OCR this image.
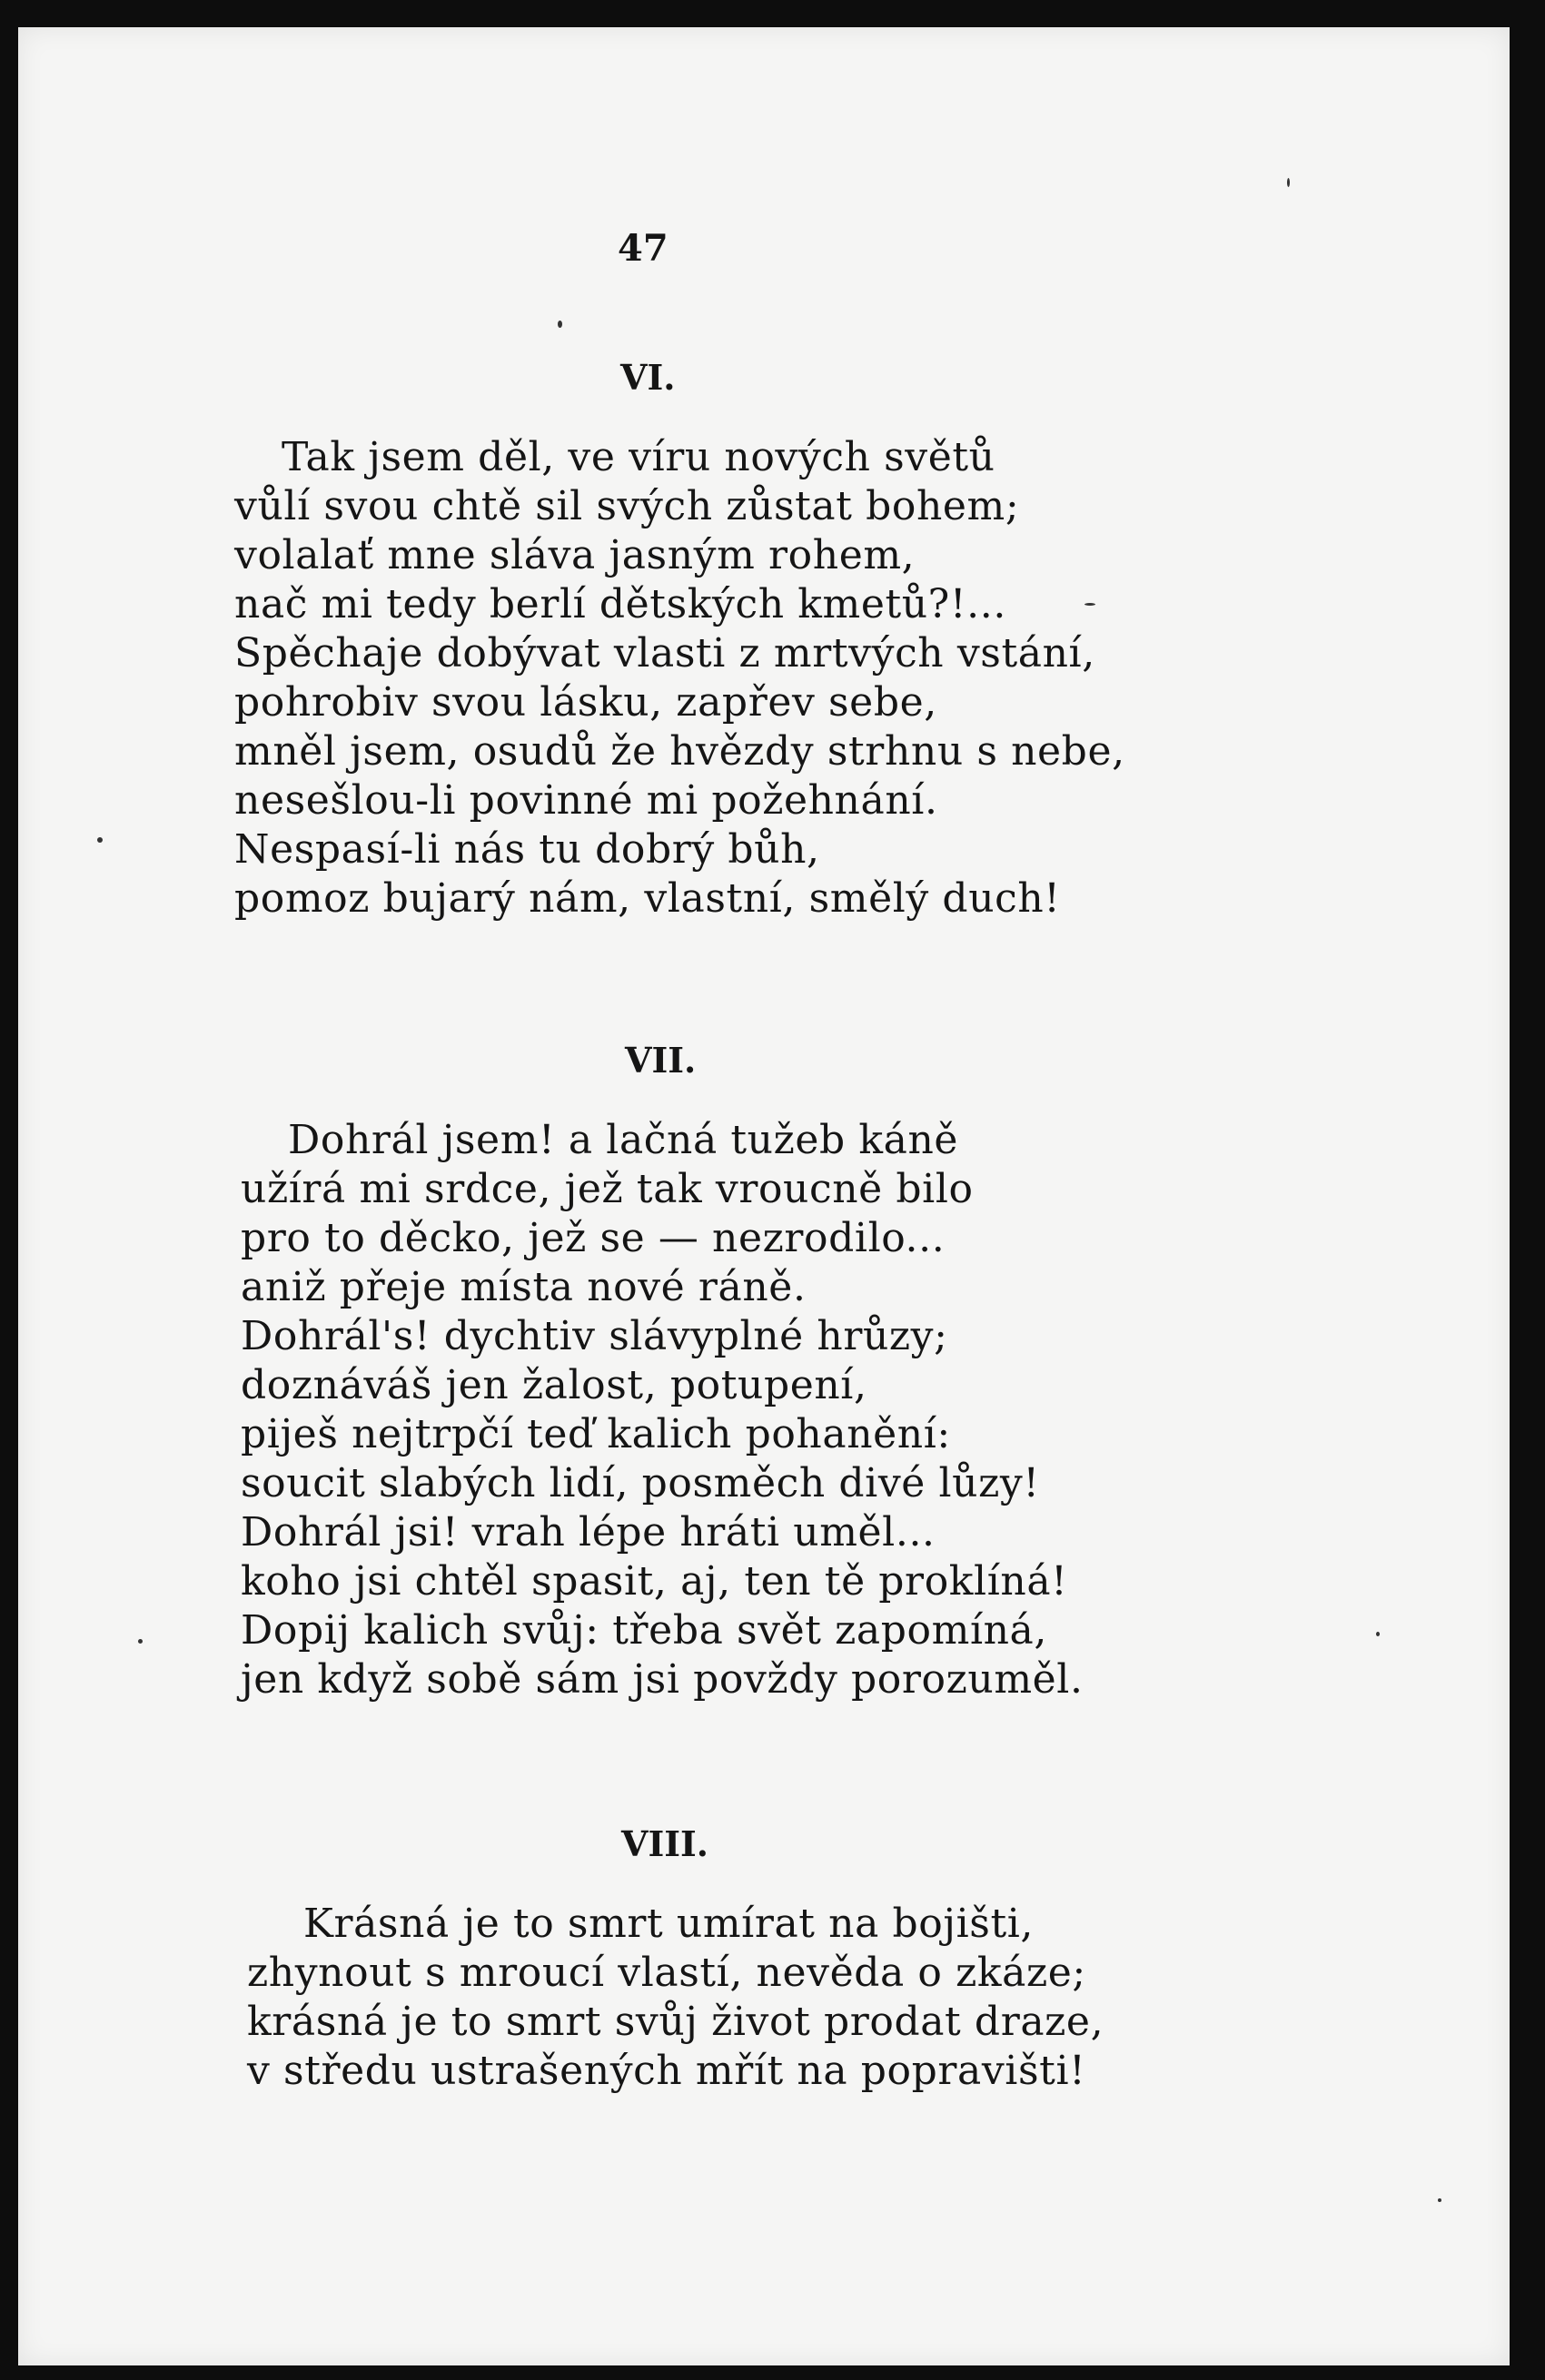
47
VI.
Tak jsem děl, ve víru nových světů
vůlí svou chtě sil svých zůstat bohem;
volalať mne sláva jasným rohem,
nač mi tedy berlí dětských kmetů?!...
Spěchaje dobývat vlasti z mrtvých vstání,
pohrobiv svou lásku, zapřev sebe,
mněl jsem, osudů že hvězdy strhnu s nebe,
nesešlou-li povinné mi požehnání.
Nespasí-li nás tu dobrý bůh,
pomoz bujarý nám, vlastní, smělý duch!
VII.
Dohrál jsem! a lačná tužeb káně
užírá mi srdce, jež tak vroucně bilo
pro to děcko, jež se — nezrodilo...
aniž přeje místa nové ráně.
Dohrál's! dychtiv slávyplné hrůzy;
doznáváš jen žalost, potupení,
piješ nejtrpčí teď kalich pohanění:
soucit slabých lidí, posměch divé lůzy!
Dohrál jsi! vrah lépe hráti uměl...
koho jsi chtěl spasit, aj, ten tě proklíná!
Dopij kalich svůj: třeba svět zapomíná,
jen když sobě sám jsi povždy porozuměl.
VIII.
Krásná je to smrt umírat na bojišti,
zhynout s mroucí vlastí, nevěda o zkáze;
krásná je to smrt svůj život prodat draze,
v středu ustrašených mřít na popravišti!
